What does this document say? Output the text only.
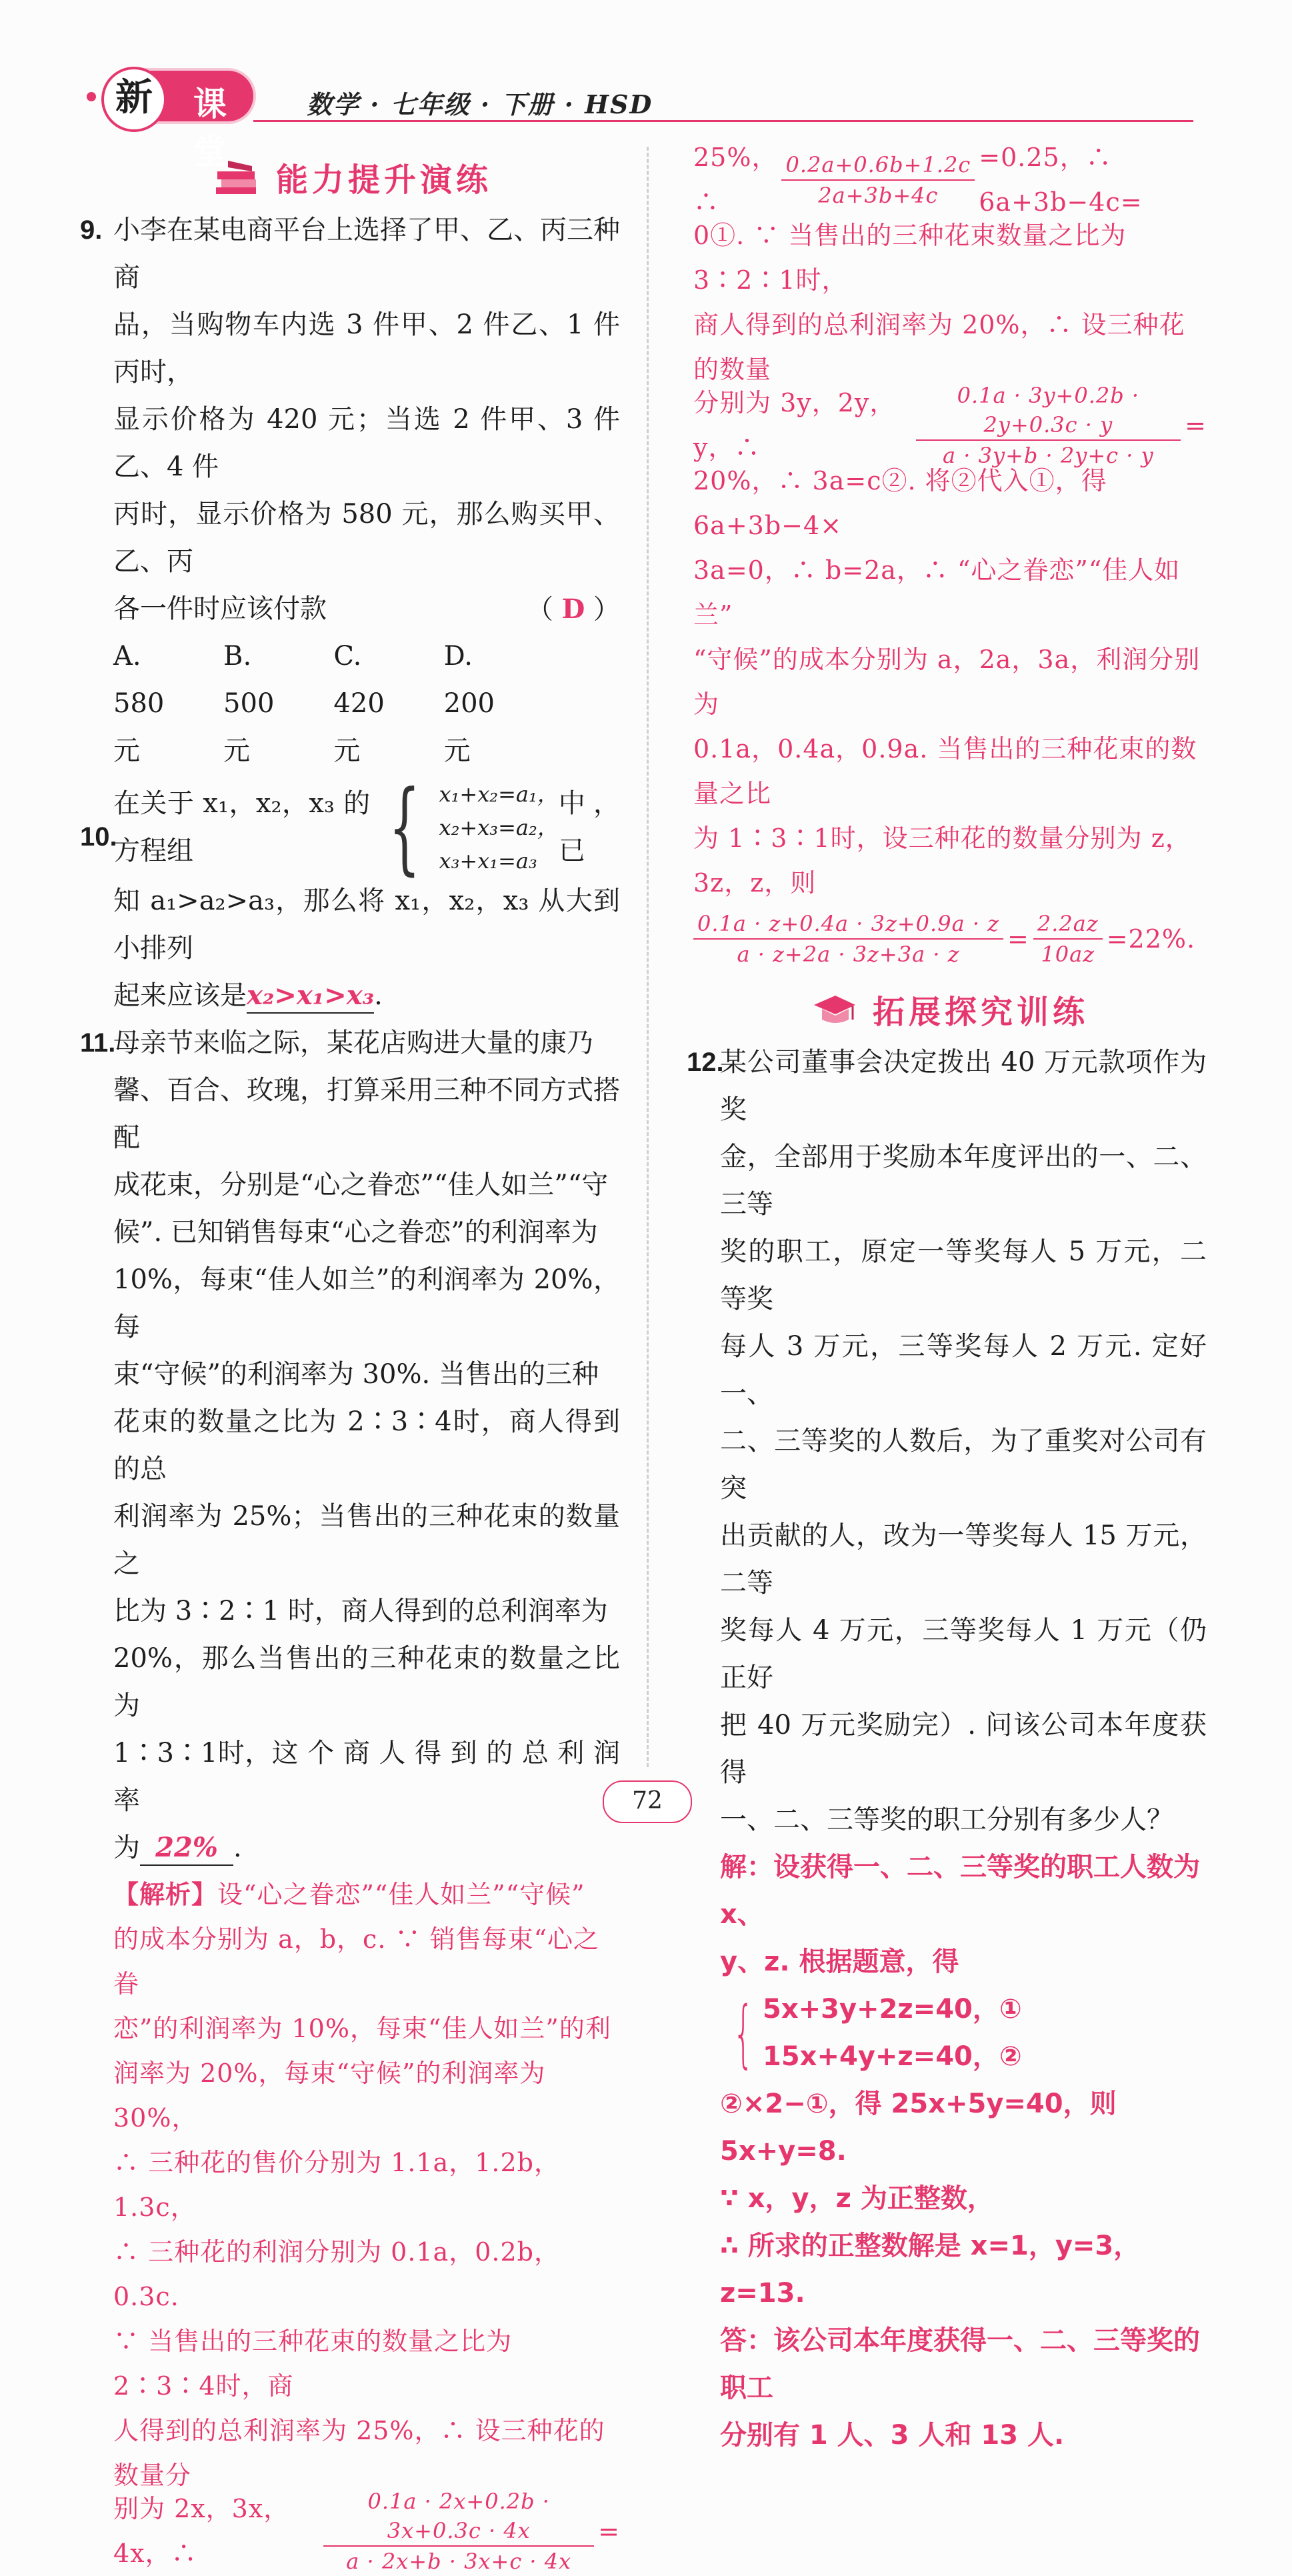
课堂
新	数学 · 七年级 · 下册 · HSD
能力提升演练
9. 小李在某电商平台上选择了甲、乙、丙三种商

品，当购物车内选 3 件甲、2 件乙、1 件丙时，

显示价格为 420 元；当选 2 件甲、3 件乙、4 件

丙时，显示价格为 580 元，那么购买甲、乙、丙

各一件时应该付款	（ D ）

A. 580 元
B. 500 元
C. 420 元
D. 200 元
10.
在关于 x₁，x₂，x₃ 的方程组	{ x₁+x₂=a₁，
x₂+x₃=a₂，
x₃+x₁=a₃
中，已

知 a₁>a₂>a₃，那么将 x₁，x₂，x₃ 从大到小排列

起来应该是x₂>x₁>x₃.

11.

母亲节来临之际，某花店购进大量的康乃

馨、百合、玫瑰，打算采用三种不同方式搭配

成花束，分别是“心之眷恋”“佳人如兰”“守

候”. 已知销售每束“心之眷恋”的利润率为

10%，每束“佳人如兰”的利润率为 20%，每

束“守候”的利润率为 30%. 当售出的三种

花束的数量之比为 2∶3∶4时，商人得到的总

利润率为 25%；当售出的三种花束的数量之

比为 3∶2∶1 时，商人得到的总利润率为

20%，那么当售出的三种花束的数量之比为

1∶3∶1时，这 个 商 人 得 到 的 总 利 润 率

为 22% .

【解析】设“心之眷恋”“佳人如兰”“守候”
的成本分别为 a，b，c. ∵ 销售每束“心之眷
恋”的利润率为 10%，每束“佳人如兰”的利
润率为 20%，每束“守候”的利润率为 30%，
∴ 三种花的售价分别为 1.1a，1.2b，1.3c，
∴ 三种花的利润分别为 0.1a，0.2b，0.3c.
∵ 当售出的三种花束的数量之比为 2∶3∶4时，商
人得到的总利润率为 25%，∴ 设三种花的数量分
别为 2x，3x，4x，∴	$\frac{0.1a \cdot 2x+0.2b \cdot 3x+0.3c \cdot 4x}{a \cdot 2x+b \cdot 3x+c \cdot 4x}$ =
25%，∴	$\frac{0.2a+0.6b+1.2c}{2a+3b+4c} =0.25$，∴ 6a+3b−4c=
0①. ∵ 当售出的三种花束数量之比为 3∶2∶1时，
商人得到的总利润率为 20%，∴ 设三种花的数量
分别为 3y，2y，y，∴	$\frac{0.1a \cdot 3y+0.2b \cdot 2y+0.3c \cdot y}{a \cdot 3y+b \cdot 2y+c \cdot y}$ =
20%，∴ 3a=c②. 将②代入①，得 6a+3b−4×
3a=0，∴ b=2a，∴ “心之眷恋”“佳人如兰”
“守候”的成本分别为 a，2a，3a，利润分别为
0.1a，0.4a，0.9a. 当售出的三种花束的数量之比
为 1∶3∶1时，设三种花的数量分别为 z，3z，z，则
$\frac{0.1a \cdot z+0.4a \cdot 3z+0.9a \cdot z}{a \cdot z+2a \cdot 3z+3a \cdot z} = \frac{2.2az}{10az} =22\%$.
拓展探究训练
12.

某公司董事会决定拨出 40 万元款项作为奖

金，全部用于奖励本年度评出的一、二、三等

奖的职工，原定一等奖每人 5 万元，二等奖

每人 3 万元，三等奖每人 2 万元. 定好一、

二、三等奖的人数后，为了重奖对公司有突

出贡献的人，改为一等奖每人 15 万元，二等

奖每人 4 万元，三等奖每人 1 万元（仍正好

把 40 万元奖励完）. 问该公司本年度获得

一、二、三等奖的职工分别有多少人？

解：设获得一、二、三等奖的职工人数为 x、
y、z. 根据题意，得
{ 5x+3y+2z=40，①
15x+4y+z=40，②
②×2−①，得 25x+5y=40，则 5x+y=8.
∵ x，y，z 为正整数，
∴ 所求的正整数解是 x=1，y=3，z=13.
答：该公司本年度获得一、二、三等奖的职工
分别有 1 人、3 人和 13 人.
72
